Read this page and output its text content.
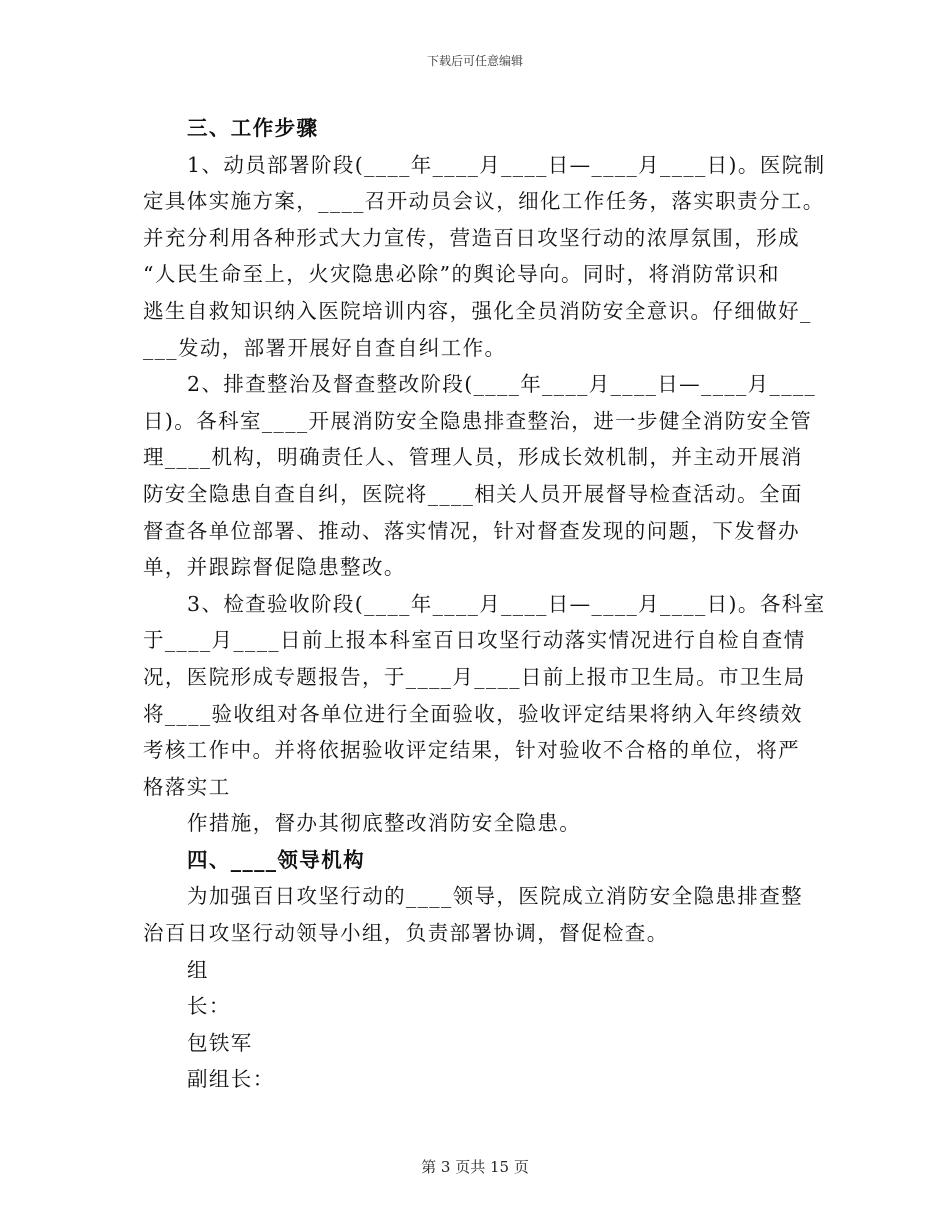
下载后可任意编辑
三、工作步骤
1、动员部署阶段(____年____月____日—____月____日)。医院制
定具体实施方案，____召开动员会议，细化工作任务，落实职责分工。
并充分利用各种形式大力宣传，营造百日攻坚行动的浓厚氛围，形成
“人民生命至上，火灾隐患必除”的舆论导向。同时，将消防常识和
逃生自救知识纳入医院培训内容，强化全员消防安全意识。仔细做好_
___发动，部署开展好自查自纠工作。
2、排查整治及督查整改阶段(____年____月____日—____月____
日)。各科室____开展消防安全隐患排查整治，进一步健全消防安全管
理____机构，明确责任人、管理人员，形成长效机制，并主动开展消
防安全隐患自查自纠，医院将____相关人员开展督导检查活动。全面
督查各单位部署、推动、落实情况，针对督查发现的问题，下发督办
单，并跟踪督促隐患整改。
3、检查验收阶段(____年____月____日—____月____日)。各科室
于____月____日前上报本科室百日攻坚行动落实情况进行自检自查情
况，医院形成专题报告，于____月____日前上报市卫生局。市卫生局
将____验收组对各单位进行全面验收，验收评定结果将纳入年终绩效
考核工作中。并将依据验收评定结果，针对验收不合格的单位，将严
格落实工
作措施，督办其彻底整改消防安全隐患。
四、____领导机构
为加强百日攻坚行动的____领导，医院成立消防安全隐患排查整
治百日攻坚行动领导小组，负责部署协调，督促检查。
组
长：
包铁军
副组长：
第 3 页共 15 页
